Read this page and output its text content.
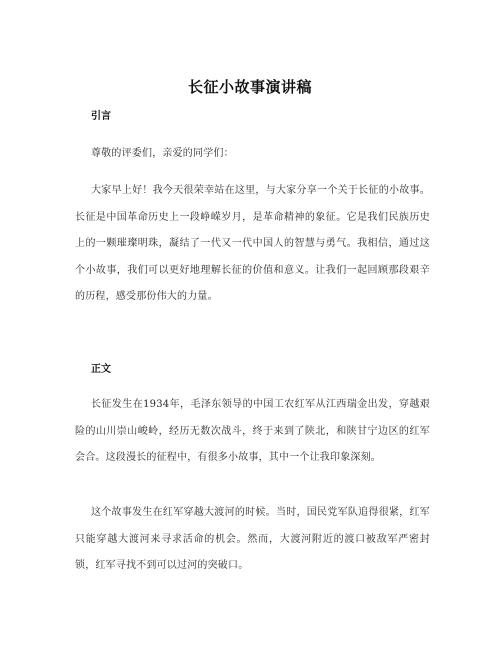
长征小故事演讲稿
引言
尊敬的评委们，亲爱的同学们：
大家早上好！我今天很荣幸站在这里，与大家分享一个关于长征的小故事。长征是中国革命历史上一段峥嵘岁月，是革命精神的象征。它是我们民族历史上的一颗璀璨明珠，凝结了一代又一代中国人的智慧与勇气。我相信，通过这个小故事，我们可以更好地理解长征的价值和意义。让我们一起回顾那段艰辛的历程，感受那份伟大的力量。
正文
长征发生在1934年，毛泽东领导的中国工农红军从江西瑞金出发，穿越艰险的山川崇山峻岭，经历无数次战斗，终于来到了陕北，和陕甘宁边区的红军会合。这段漫长的征程中，有很多小故事，其中一个让我印象深刻。
这个故事发生在红军穿越大渡河的时候。当时，国民党军队追得很紧，红军只能穿越大渡河来寻求活命的机会。然而，大渡河附近的渡口被敌军严密封锁，红军寻找不到可以过河的突破口。
